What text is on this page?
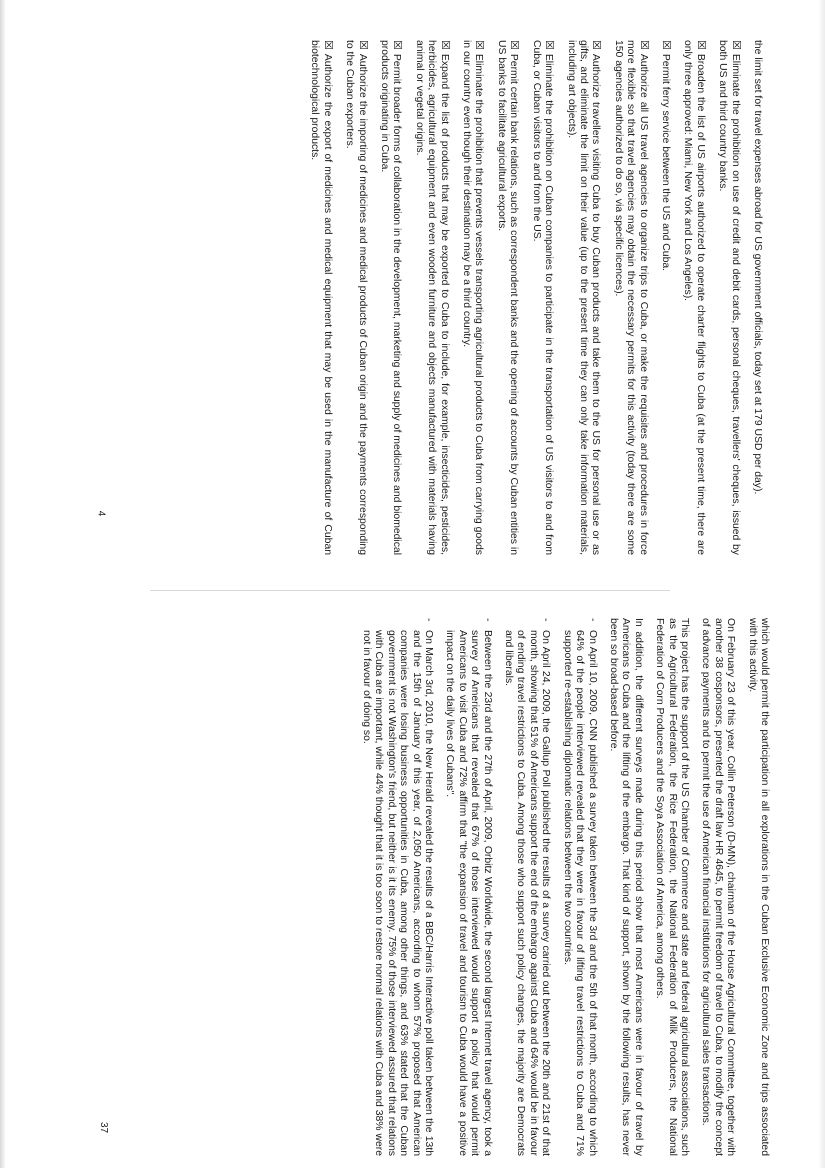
the limit set for travel expenses abroad for US government officials, today set at 179 USD per day).

☒Eliminate the prohibition on use of credit and debit cards, personal cheques, travellers' cheques, issued by both US and third country banks.

☒Broaden the list of US airports authorized to operate charter flights to Cuba (at the present time, there are only three approved: Miami, New York and Los Angeles).

☒Permit ferry service between the US and Cuba.

☒Authorize all US travel agencies to organize trips to Cuba, or make the requisites and procedures in force more flexible so that travel agencies may obtain the necessary permits for this activity (today there are some 150 agencies authorized to do so, via specific licences).

☒Authorize travellers visiting Cuba to buy Cuban products and take them to the US for personal use or as gifts, and eliminate the limit on their value (up to the present time they can only take information materials, including art objects).

☒Eliminate the prohibition on Cuban companies to participate in the transportation of US visitors to and from Cuba, or Cuban visitors to and from the US.

☒Permit certain bank relations, such as correspondent banks and the opening of accounts by Cuban entities in US banks to facilitate agricultural exports.

☒Eliminate the prohibition that prevents vessels transporting agricultural products to Cuba from carrying goods in our country even though their destination may be a third country.

☒Expand the list of products that may be exported to Cuba to include, for example, insecticides, pesticides, herbicides, agricultural equipment and even wooden furniture and objects manufactured with materials having animal or vegetal origins.

☒Permit broader forms of collaboration in the development, marketing and supply of medicines and biomedical products originating in Cuba.

☒Authorize the importing of medicines and medical products of Cuban origin and the payments corresponding to the Cuban exporters.

☒Authorize the export of medicines and medical equipment that may be used in the manufacture of Cuban biotechnological products.

4

which would permit the participation in all explorations in the Cuban Exclusive Economic Zone and trips associated with this activity.

On February 23 of this year, Collin Peterson (D-MN), chairman of the House Agricultural Committee, together with another 38 cosponsors, presented the draft law HR 4645, to permit freedom of travel to Cuba, to modify the concept of advance payments and to permit the use of American financial institutions for agricultural sales transactions.

This project has the support of the US Chamber of Commerce and state and federal agricultural associations, such as the Agricultural Federation, the Rice Federation, the National Federation of Milk Producers, the National Federation of Corn Producers and the Soya Association of America, among others.

In addition, the different surveys made during this period show that most Americans were in favour of travel by Americans to Cuba and the lifting of the embargo. That kind of support, shown by the following results, has never been so broad-based before.

-
On April 10, 2009, CNN published a survey taken between the 3rd and the 5th of that month, according to which 64% of the people interviewed revealed that they were in favour of lifting travel restrictions to Cuba and 71% supported re-establishing diplomatic relations between the two countries.

-
On April 24, 2009, the Gallup Poll published the results of a survey carried out between the 20th and 21st of that month, showing that 51% of Americans support the end of the embargo against Cuba and 64% would be in favour of ending travel restrictions to Cuba. Among those who support such policy changes, the majority are Democrats and liberals.

-
Between the 23rd and the 27th of April, 2009, Orbitz Worldwide, the second largest Internet travel agency, took a survey of Americans that revealed that 67% of those interviewed would support a policy that would permit Americans to visit Cuba and 72% affirm that "the expansion of travel and tourism to Cuba would have a positive impact on the daily lives of Cubans".

-
On March 3rd, 2010, the New Herald revealed the results of a BBC/Harris Interactive poll taken between the 13th and the 15th of January of this year, of 2,050 Americans, according to whom 57% proposed that American companies were losing business opportunities in Cuba, among other things, and 63% stated that the Cuban government is not Washington's friend, but neither is it its enemy. 75% of those interviewed assured that relations with Cuba are important, while 44% thought that it is too soon to restore normal relations with Cuba and 38% were not in favour of doing so.

37
